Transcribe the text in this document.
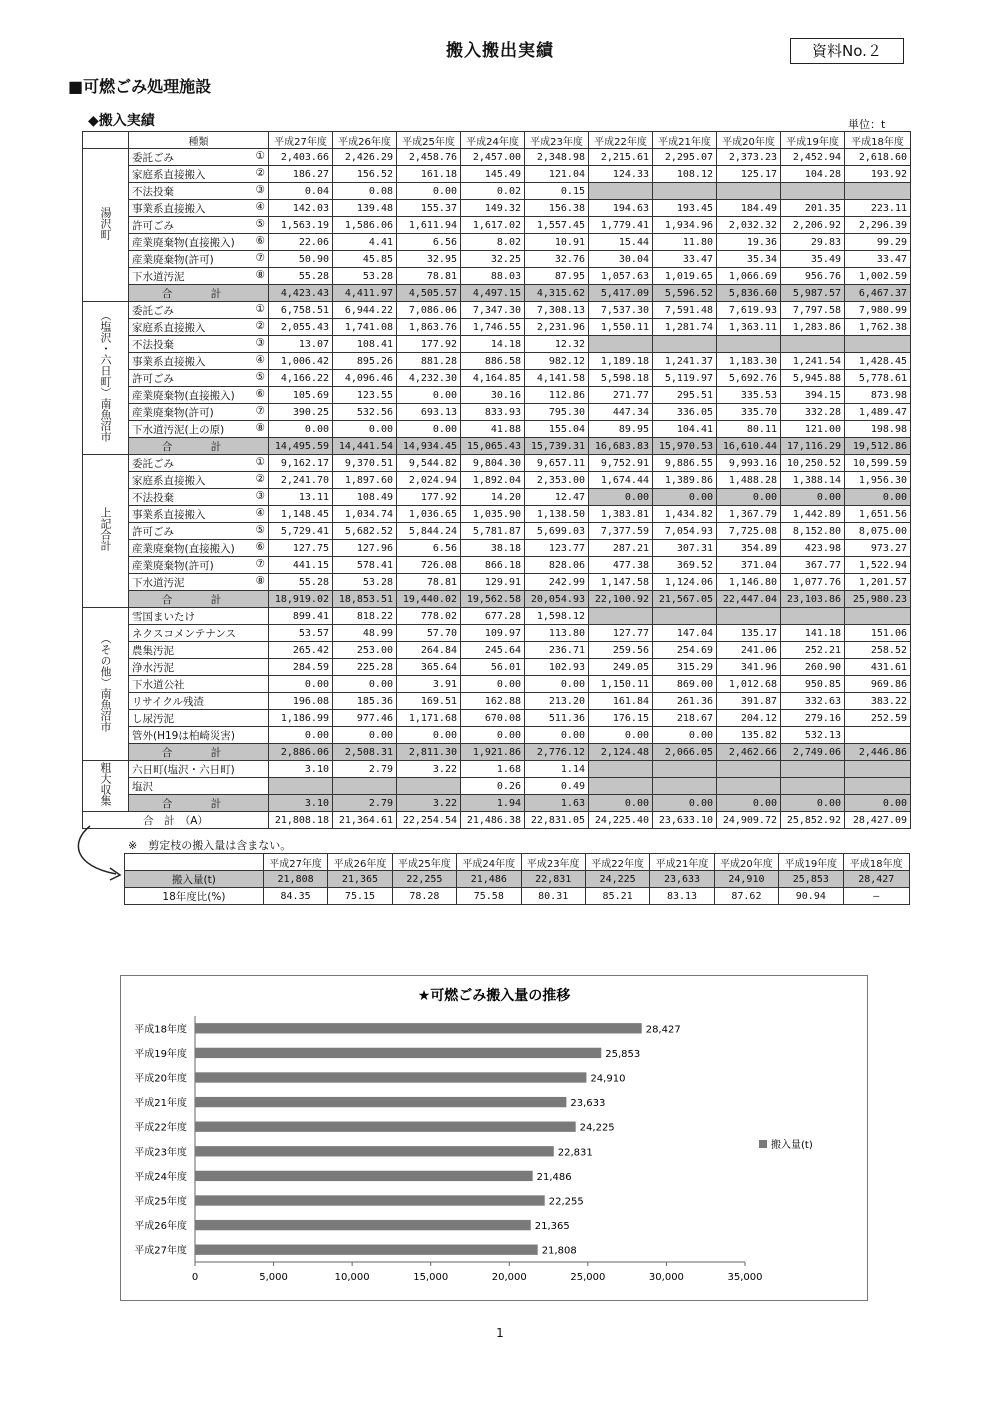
搬入搬出実績	資料No.２
■可燃ごみ処理施設
◆搬入実績	単位：t
	種類	平成27年度	平成26年度	平成25年度	平成24年度	平成23年度	平成22年度	平成21年度	平成20年度	平成19年度	平成18年度
湯沢町	委託ごみ ①	2,403.66	2,426.29	2,458.76	2,457.00	2,348.98	2,215.61	2,295.07	2,373.23	2,452.94	2,618.60
	家庭系直接搬入 ②	186.27	156.52	161.18	145.49	121.04	124.33	108.12	125.17	104.28	193.92
	不法投棄 ③	0.04	0.08	0.00	0.02	0.15					
	事業系直接搬入 ④	142.03	139.48	155.37	149.32	156.38	194.63	193.45	184.49	201.35	223.11
	許可ごみ ⑤	1,563.19	1,586.06	1,611.94	1,617.02	1,557.45	1,779.41	1,934.96	2,032.32	2,206.92	2,296.39
	産業廃棄物(直接搬入) ⑥	22.06	4.41	6.56	8.02	10.91	15.44	11.80	19.36	29.83	99.29
	産業廃棄物(許可) ⑦	50.90	45.85	32.95	32.25	32.76	30.04	33.47	35.34	35.49	33.47
	下水道汚泥 ⑧	55.28	53.28	78.81	88.03	87.95	1,057.63	1,019.65	1,066.69	956.76	1,002.59
	合　計	4,423.43	4,411.97	4,505.57	4,497.15	4,315.62	5,417.09	5,596.52	5,836.60	5,987.57	6,467.37
（塩沢・六日町）南魚沼市	委託ごみ ①	6,758.51	6,944.22	7,086.06	7,347.30	7,308.13	7,537.30	7,591.48	7,619.93	7,797.58	7,980.99
	家庭系直接搬入 ②	2,055.43	1,741.08	1,863.76	1,746.55	2,231.96	1,550.11	1,281.74	1,363.11	1,283.86	1,762.38
	不法投棄 ③	13.07	108.41	177.92	14.18	12.32					
	事業系直接搬入 ④	1,006.42	895.26	881.28	886.58	982.12	1,189.18	1,241.37	1,183.30	1,241.54	1,428.45
	許可ごみ ⑤	4,166.22	4,096.46	4,232.30	4,164.85	4,141.58	5,598.18	5,119.97	5,692.76	5,945.88	5,778.61
	産業廃棄物(直接搬入) ⑥	105.69	123.55	0.00	30.16	112.86	271.77	295.51	335.53	394.15	873.98
	産業廃棄物(許可) ⑦	390.25	532.56	693.13	833.93	795.30	447.34	336.05	335.70	332.28	1,489.47
	下水道汚泥(上の原) ⑧	0.00	0.00	0.00	41.88	155.04	89.95	104.41	80.11	121.00	198.98
	合　計	14,495.59	14,441.54	14,934.45	15,065.43	15,739.31	16,683.83	15,970.53	16,610.44	17,116.29	19,512.86
上記合計	委託ごみ ①	9,162.17	9,370.51	9,544.82	9,804.30	9,657.11	9,752.91	9,886.55	9,993.16	10,250.52	10,599.59
	家庭系直接搬入 ②	2,241.70	1,897.60	2,024.94	1,892.04	2,353.00	1,674.44	1,389.86	1,488.28	1,388.14	1,956.30
	不法投棄 ③	13.11	108.49	177.92	14.20	12.47	0.00	0.00	0.00	0.00	0.00
	事業系直接搬入 ④	1,148.45	1,034.74	1,036.65	1,035.90	1,138.50	1,383.81	1,434.82	1,367.79	1,442.89	1,651.56
	許可ごみ ⑤	5,729.41	5,682.52	5,844.24	5,781.87	5,699.03	7,377.59	7,054.93	7,725.08	8,152.80	8,075.00
	産業廃棄物(直接搬入) ⑥	127.75	127.96	6.56	38.18	123.77	287.21	307.31	354.89	423.98	973.27
	産業廃棄物(許可) ⑦	441.15	578.41	726.08	866.18	828.06	477.38	369.52	371.04	367.77	1,522.94
	下水道汚泥 ⑧	55.28	53.28	78.81	129.91	242.99	1,147.58	1,124.06	1,146.80	1,077.76	1,201.57
	合　計	18,919.02	18,853.51	19,440.02	19,562.58	20,054.93	22,100.92	21,567.05	22,447.04	23,103.86	25,980.23
（その他）南魚沼市	雪国まいたけ	899.41	818.22	778.02	677.28	1,598.12					
	ネクスコメンテナンス	53.57	48.99	57.70	109.97	113.80	127.77	147.04	135.17	141.18	151.06
	農集汚泥	265.42	253.00	264.84	245.64	236.71	259.56	254.69	241.06	252.21	258.52
	浄水汚泥	284.59	225.28	365.64	56.01	102.93	249.05	315.29	341.96	260.90	431.61
	下水道公社	0.00	0.00	3.91	0.00	0.00	1,150.11	869.00	1,012.68	950.85	969.86
	リサイクル残渣	196.08	185.36	169.51	162.88	213.20	161.84	261.36	391.87	332.63	383.22
	し尿汚泥	1,186.99	977.46	1,171.68	670.08	511.36	176.15	218.67	204.12	279.16	252.59
	管外(H19は柏崎災害)	0.00	0.00	0.00	0.00	0.00	0.00	0.00	135.82	532.13	
	合　計	2,886.06	2,508.31	2,811.30	1,921.86	2,776.12	2,124.48	2,066.05	2,462.66	2,749.06	2,446.86
粗大収集	六日町(塩沢・六日町)	3.10	2.79	3.22	1.68	1.14					
	塩沢				0.26	0.49					
	合　計	3.10	2.79	3.22	1.94	1.63	0.00	0.00	0.00	0.00	0.00
合　計　（A）		21,808.18	21,364.61	22,254.54	21,486.38	22,831.05	24,225.40	23,633.10	24,909.72	25,852.92	28,427.09
※　剪定枝の搬入量は含まない。
	平成27年度	平成26年度	平成25年度	平成24年度	平成23年度	平成22年度	平成21年度	平成20年度	平成19年度	平成18年度
搬入量(t)	21,808	21,365	22,255	21,486	22,831	24,225	23,633	24,910	25,853	28,427
18年度比(%)	84.35	75.15	78.28	75.58	80.31	85.21	83.13	87.62	90.94	—
★可燃ごみ搬入量の推移
0	5,000	10,000	15,000	20,000	25,000	30,000	35,000
平成18年度	28,427
平成19年度	25,853
平成20年度	24,910
平成21年度	23,633
平成22年度	24,225
平成23年度	22,831
平成24年度	21,486
平成25年度	22,255
平成26年度	21,365
平成27年度	21,808
搬入量(t)
1
